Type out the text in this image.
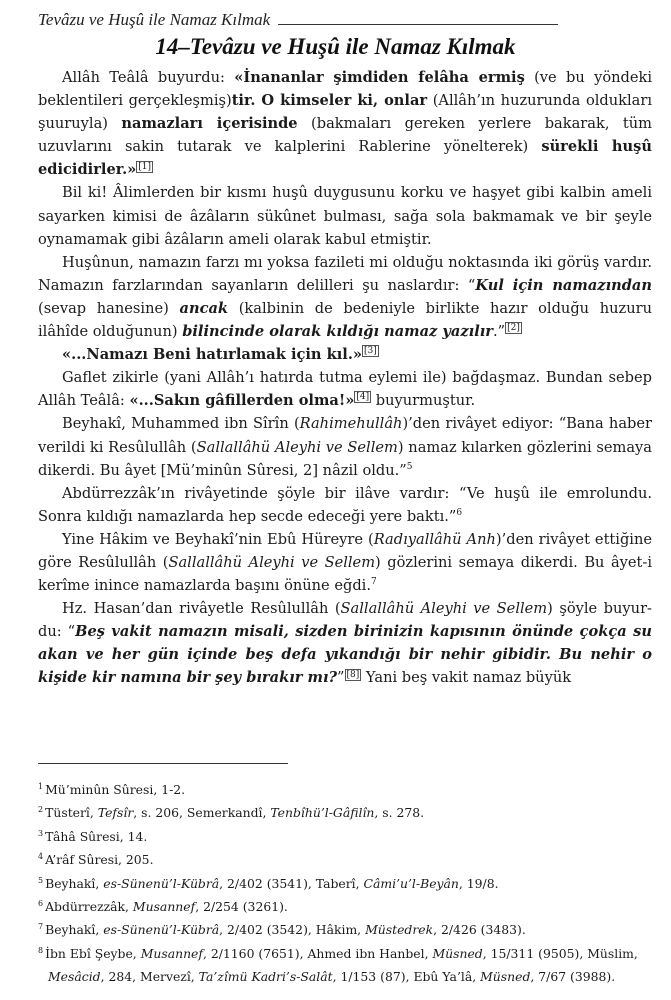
Tevâzu ve Huşû ile Namaz Kılmak
14–Tevâzu ve Huşû ile Namaz Kılmak

Allâh Teâlâ buyurdu: «İnananlar şimdiden felâha ermiş (ve bu yöndeki beklentileri gerçekleşmiş)tir. O kimseler ki, onlar (Allâh’ın huzurunda oldukları şuuruyla) namazları içerisinde (bakmaları gereken yerlere bakarak, tüm uzuvlarını sakin tutarak ve kalplerini Rablerine yöneltere​k) sürekli huşû edicidirler.» [1]

Bil ki! Âlimlerden bir kısmı huşû duygusunu korku ve haşyet gibi kalbin ameli sayarken kimisi de âzâların sükûnet bulması, sağa sola bakmamak ve bir şeyle oynamamak gibi âzâların ameli olarak kabul etmiştir.

Huşûnun, namazın farzı mı yoksa fazileti mi olduğu noktasında iki görüş vardır. Namazın farzlarından sayanların delilleri şu naslardır: “Kul için namazından (sevap hanesine) ancak (kalbinin de bedeniyle birlikte hazır olduğu huzuru ilâhîde olduğunun) bilincinde olarak kıldığı namaz yazılır.” [2]

«...Namazı Beni hatırlamak için kıl.» [3]

Gaflet zikirle (yani Allâh’ı hatırda tutma eylemi ile) bağdaşmaz. Bundan sebep Allâh Teâlâ: «...Sakın gâfillerden olma!» [4] buyurmuştur.

Beyhakî, Muhammed ibn Sîrîn (Rahimehullâh)’den rivâyet ediyor: “Bana haber verildi ki Resûlullâh (Sallallâhü Aleyhi ve Sellem) namaz kılarken gözlerini semaya dikerdi. Bu âyet [Mü’minûn Sûresi, 2] nâzil oldu.”$^5$

Abdürrezzâk’ın rivâyetinde şöyle bir ilâve vardır: “Ve huşû ile emrolundu. Sonra kıldığı namazlarda hep secde edeceği yere baktı.”$^6$

Yine Hâkim ve Beyhakî’nin Ebû Hüreyre (Radıyallâhü Anh)’den rivâyet ettiğine göre Resûlullâh (Sallallâhü Aleyhi ve Sellem) gözlerini semaya dikerdi. Bu âyet-i kerîme inince namazlarda başını önüne eğdi.$^7$

Hz. Hasan’dan rivâyetle Resûlullâh (Sallallâhü Aleyhi ve Sellem) şöyle buyurdu: “Beş vakit namazın misali, sizden birinizin kapısının önünde çokça su akan ve her gün içinde beş defa yıkandığı bir nehir gibidir. Bu nehir o kişide kir namına bir şey bırakır mı?” [8] Yani beş vakit namaz büyük

$^1$ Mü’minûn Sûresi, 1-2.

$^2$ Tüsterî, Tefsîr, s. 206, Semerkandî, Tenbîhü’l-Gâfilîn, s. 278.

$^3$ Tâhâ Sûresi, 14.

$^4$ A’râf Sûresi, 205.

$^5$ Beyhakî, es-Sünenü’l-Kübrâ, 2/402 (3541), Taberî, Câmi’u’l-Beyân, 19/8.

$^6$ Abdürrezzâk, Musannef, 2/254 (3261).

$^7$ Beyhakî, es-Sünenü’l-Kübrâ, 2/402 (3542), Hâkim, Müstedrek, 2/426 (3483).

$^8$ İbn Ebî Şeybe, Musannef, 2/1160 (7651), Ahmed ibn Hanbel, Müsned, 15/311 (9505), Müslim, Mesâcid, 284, Mervezî, Ta’zîmü Kadri’s-Salât, 1/153 (87), Ebû Ya’lâ, Müsned, 7/67 (3988).
